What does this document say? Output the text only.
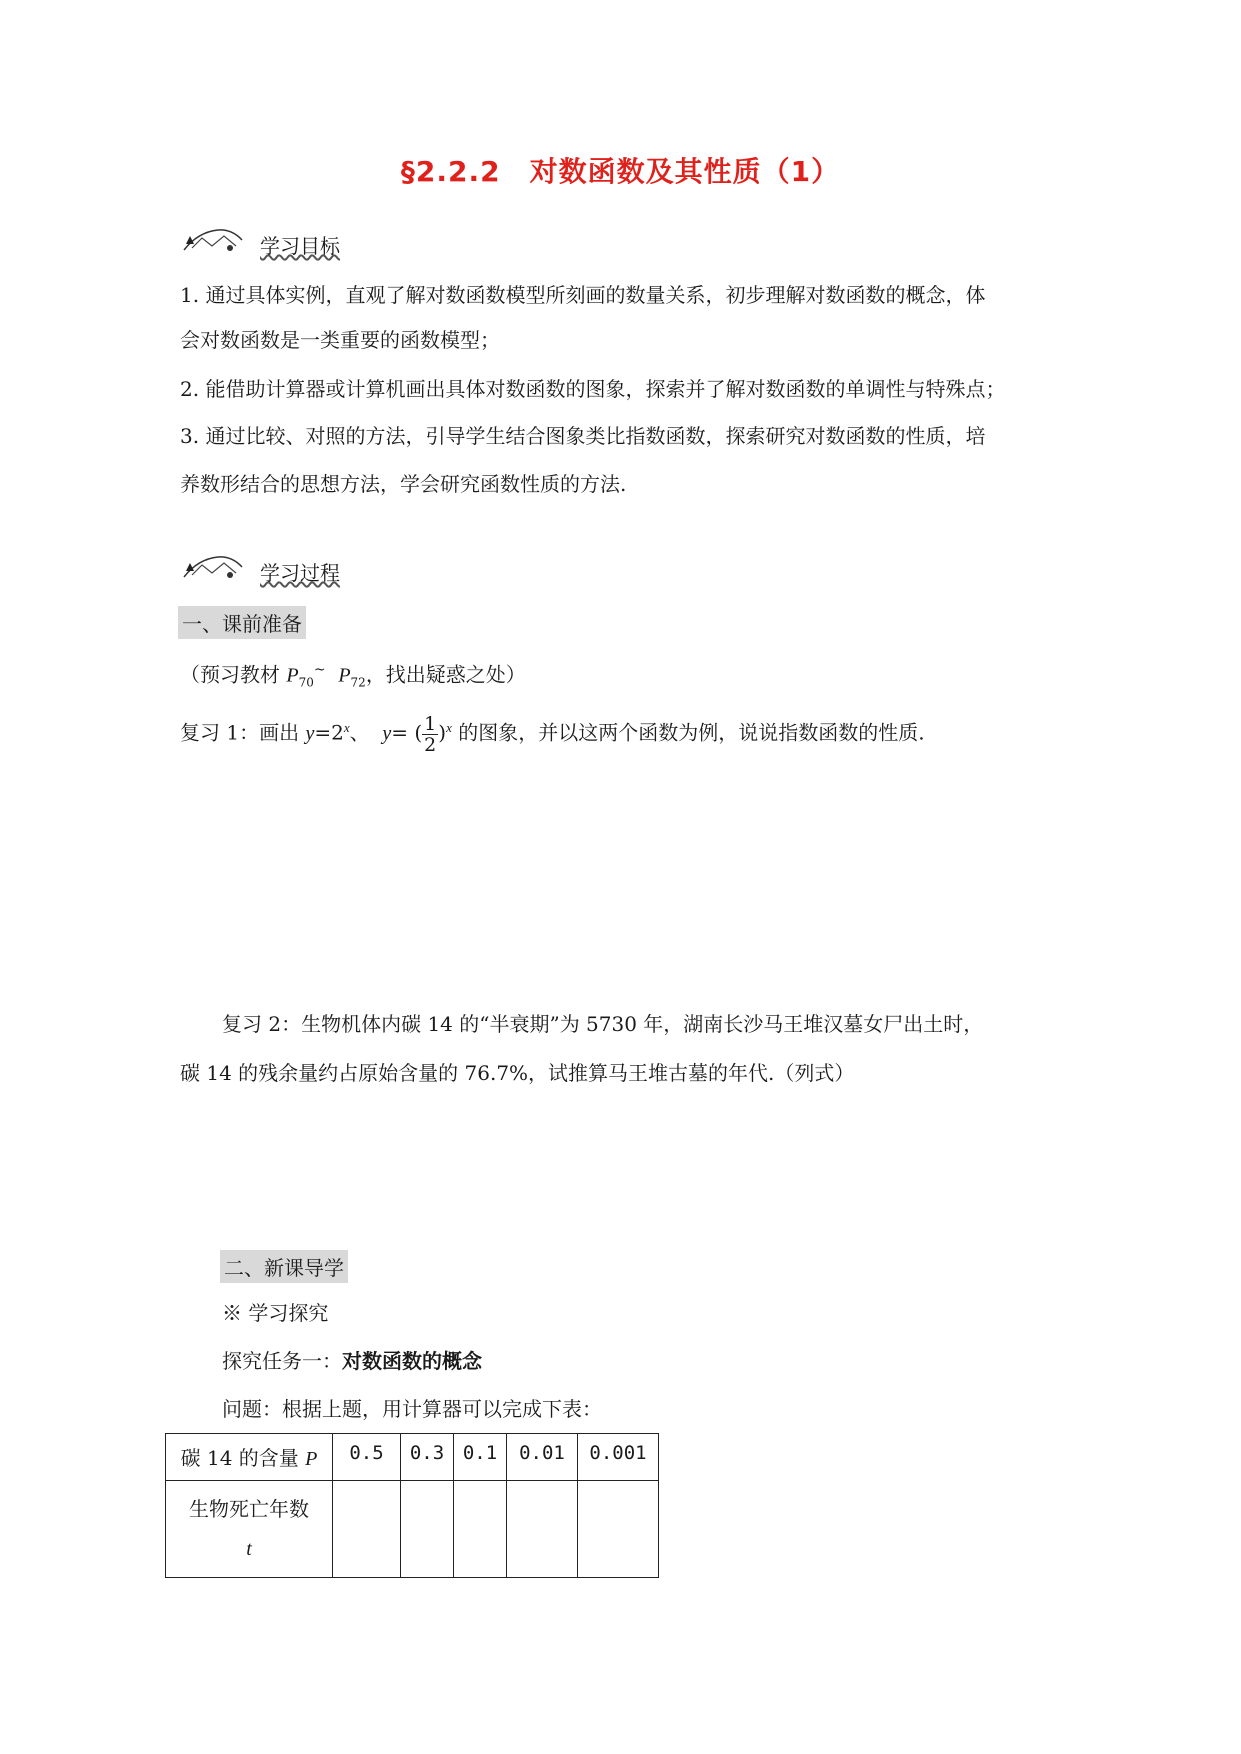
§2.2.2　对数函数及其性质（1）
学习目标
1. 通过具体实例，直观了解对数函数模型所刻画的数量关系，初步理解对数函数的概念，体
会对数函数是一类重要的函数模型；
2. 能借助计算器或计算机画出具体对数函数的图象，探索并了解对数函数的单调性与特殊点；
3. 通过比较、对照的方法，引导学生结合图象类比指数函数，探索研究对数函数的性质，培
养数形结合的思想方法，学会研究函数性质的方法.
学习过程
一、课前准备
（预习教材 $P_{70}^\sim$ $P_{72}$，找出疑惑之处）
复习 1：画出 $y=2^x$、  y= ( $\frac{1}{2} )^x$ 的图象，并以这两个函数为例，说说指数函数的性质.
复习 2：生物机体内碳 14 的“半衰期”为 5730 年，湖南长沙马王堆汉墓女尸出土时，
碳 14 的残余量约占原始含量的 76.7%，试推算马王堆古墓的年代.（列式）
二、新课导学
※ 学习探究
探究任务一：对数函数的概念
问题：根据上题，用计算器可以完成下表：
碳 14 的含量 P	0.5	0.3	0.1	0.01	0.001

生物死亡年数
t					
